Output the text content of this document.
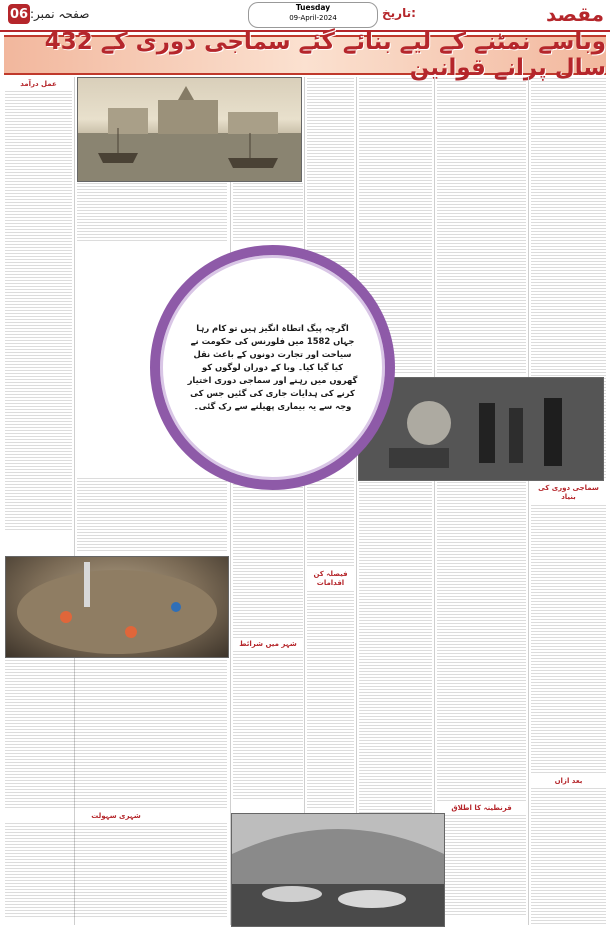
صفحہ نمبر:
06	Tuesday
09-April-2024	تاریخ:	مقصد
وباسے نمٹنے کے لیے بنائے گئے سماجی دوری کے 432 سال پرانے قوانین
عمل درآمد
سماجی دوری کی بنیاد
بعد ازاں
قرنطینہ کا اطلاق
فیصلہ کن اقدامات
شہر میں شرائط
شہری سہولت
اگرچہ پیگ اتطاہ انگیز ہیں تو کام رہا جہاں 1582 میں فلورنس کی حکومت نے سیاحت اور تجارت دونوں کے باعث نقل کیا گیا کیا۔ وبا کے دوران لوگوں کو گھروں میں رہنے اور سماجی دوری اختیار کرنے کی ہدایات جاری کی گئیں جس کی وجہ سے یہ بیماری پھیلنے سے رک گئی۔
